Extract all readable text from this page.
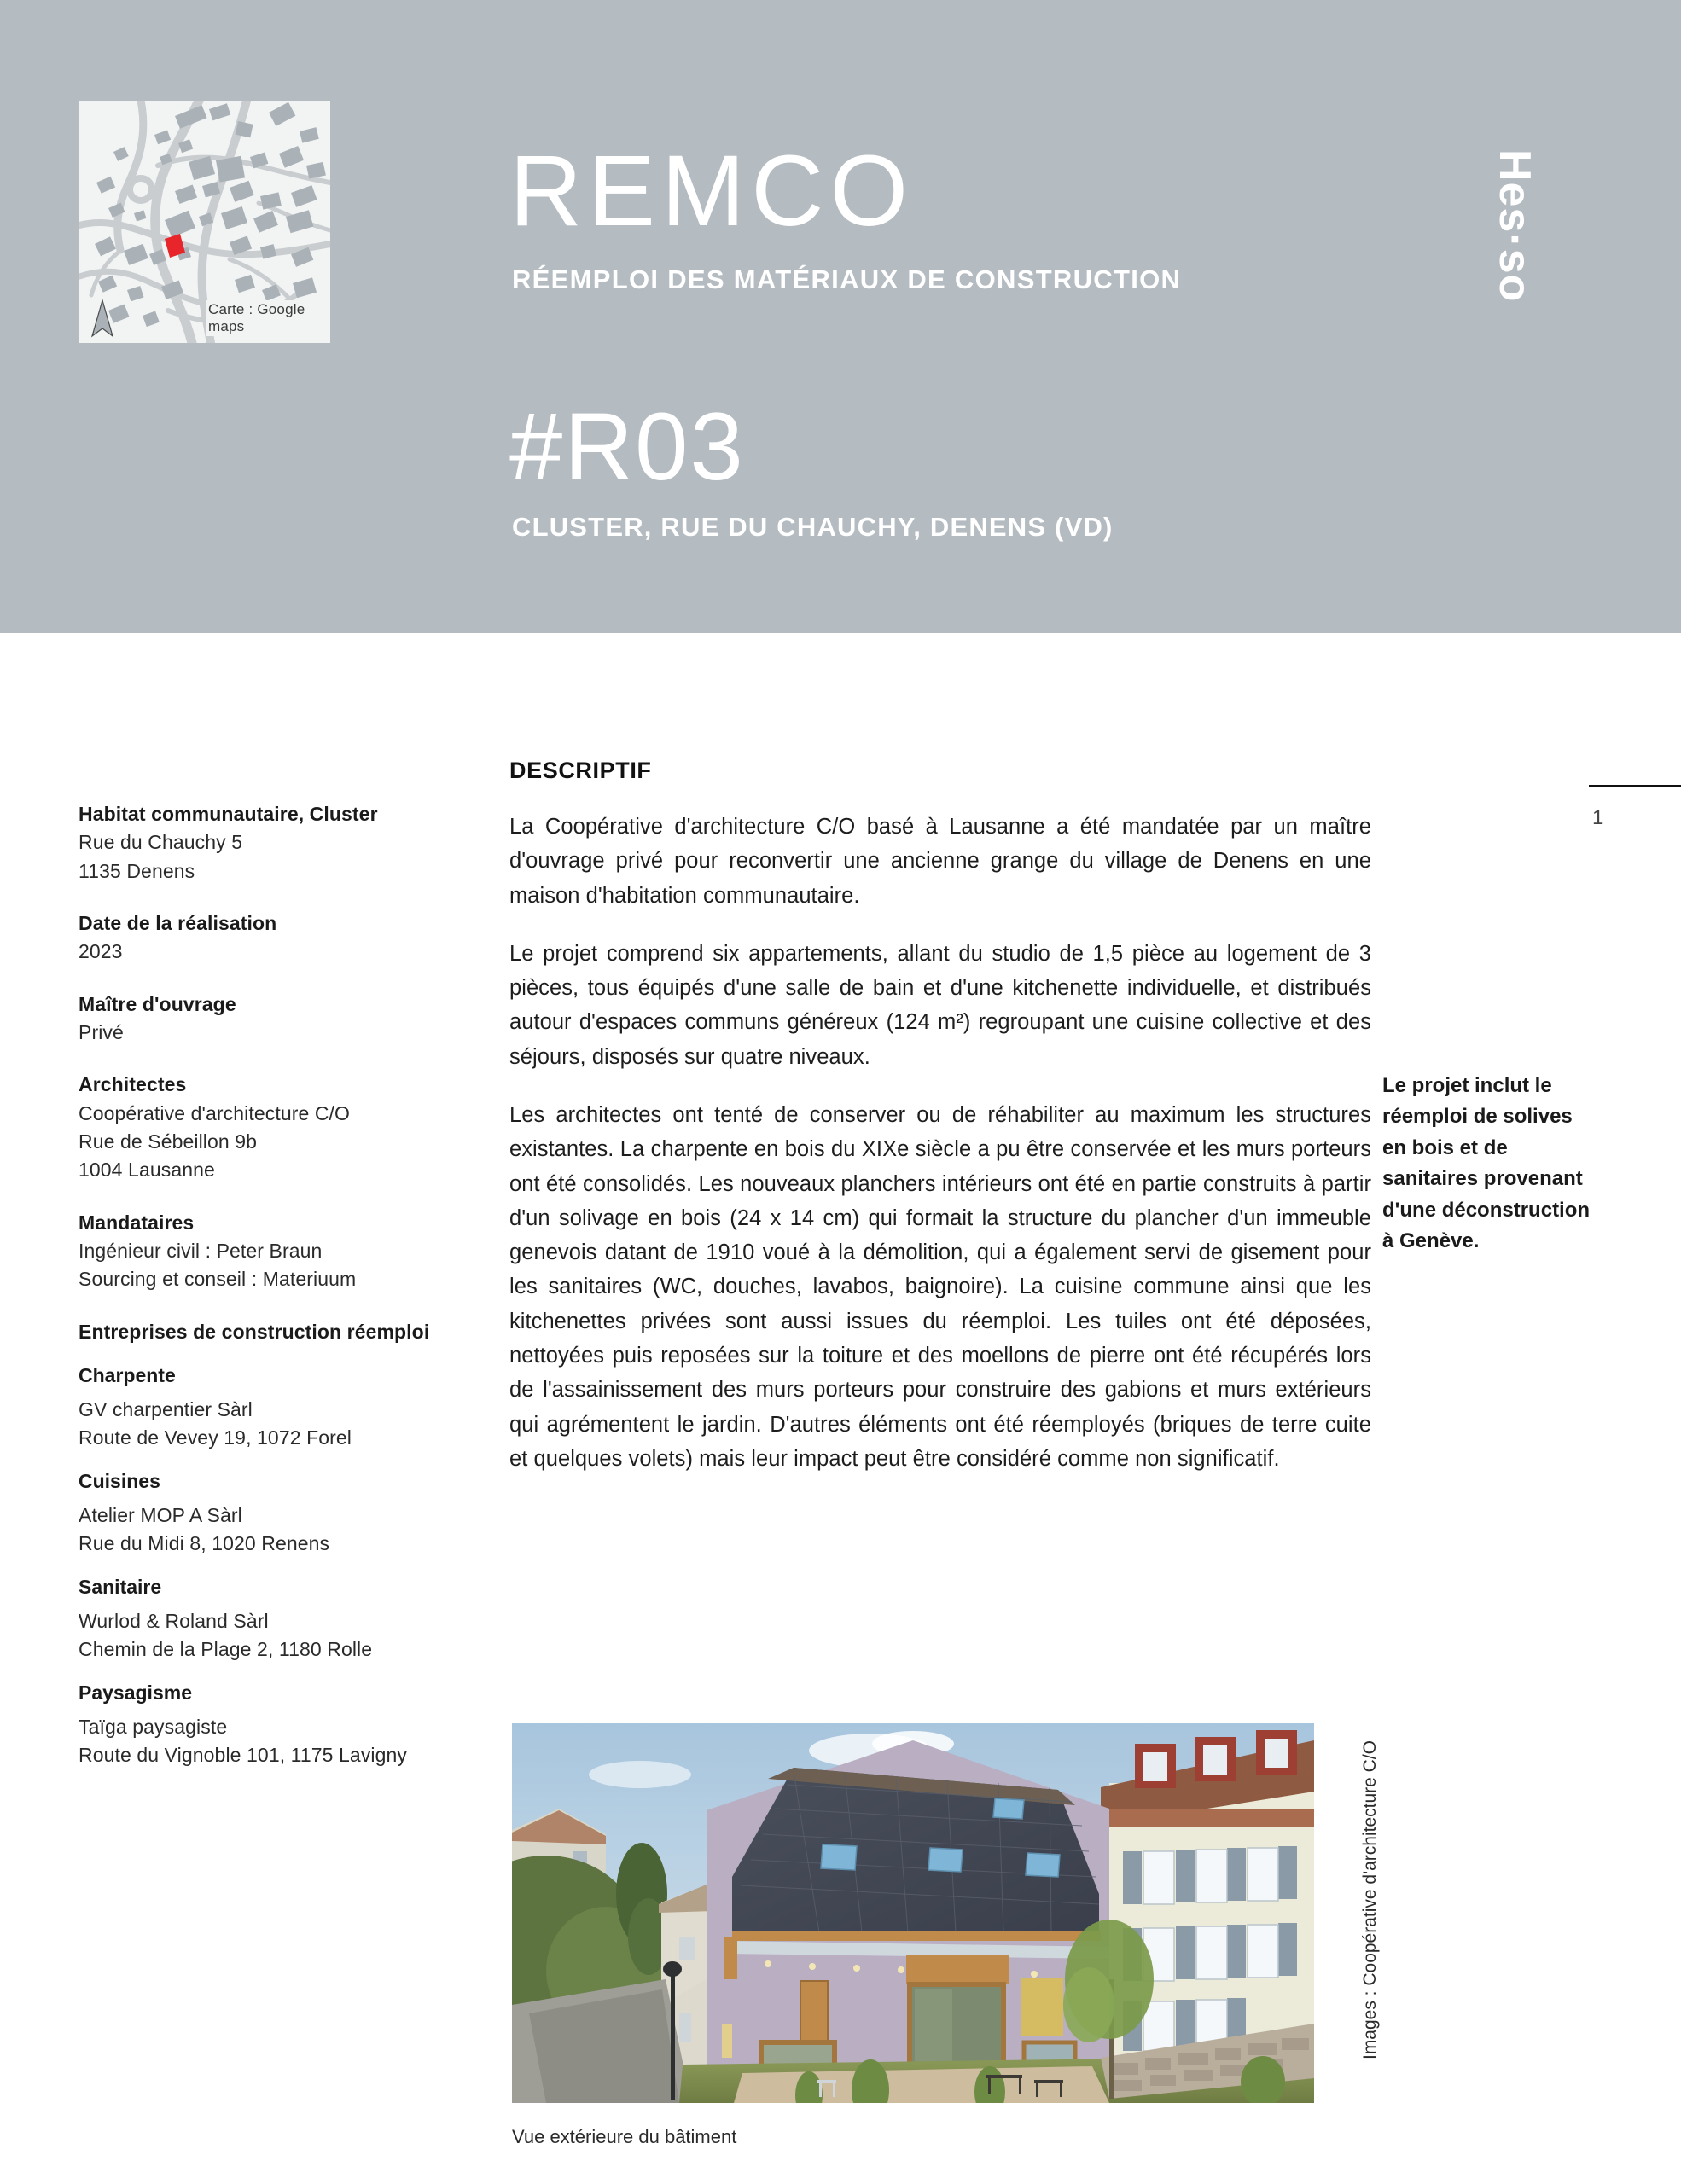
Carte : Google maps
REMCO
RÉEMPLOI DES MATÉRIAUX DE CONSTRUCTION
#R03
CLUSTER, RUE DU CHAUCHY, DENENS (VD)
Hes·so
Habitat communautaire, Cluster
Rue du Chauchy 5
1135 Denens
Date de la réalisation
2023
Maître d'ouvrage
Privé
Architectes
Coopérative d'architecture C/O
Rue de Sébeillon 9b
1004 Lausanne
Mandataires
Ingénieur civil : Peter Braun
Sourcing et conseil : Materiuum
Entreprises de construction réemploi
Charpente
GV charpentier Sàrl
Route de Vevey 19, 1072 Forel
Cuisines
Atelier MOP A Sàrl
Rue du Midi 8, 1020 Renens
Sanitaire
Wurlod & Roland Sàrl
Chemin de la Plage 2, 1180 Rolle
Paysagisme
Taïga paysagiste
Route du Vignoble 101, 1175 Lavigny
DESCRIPTIF

La Coopérative d'architecture C/O basé à Lausanne a été mandatée par un maître d'ouvrage privé pour reconvertir une ancienne grange du village de Denens en une maison d'habitation communautaire.

Le projet comprend six appartements, allant du studio de 1,5 pièce au logement de 3 pièces, tous équipés d'une salle de bain et d'une kitchenette individuelle, et distribués autour d'espaces communs généreux (124 m²) regroupant une cuisine collective et des séjours, disposés sur quatre niveaux.

Les architectes ont tenté de conserver ou de réhabiliter au maximum les structures existantes. La charpente en bois du XIXe siècle a pu être conservée et les murs porteurs ont été consolidés. Les nouveaux planchers intérieurs ont été en partie construits à partir d'un solivage en bois (24 x 14 cm) qui formait la structure du plancher d'un immeuble genevois datant de 1910 voué à la démolition, qui a également servi de gisement pour les sanitaires (WC, douches, lavabos, baignoire). La cuisine commune ainsi que les kitchenettes privées sont aussi issues du réemploi. Les tuiles ont été déposées, nettoyées puis reposées sur la toiture et des moellons de pierre ont été récupérés lors de l'assainissement des murs porteurs pour construire des gabions et murs extérieurs qui agrémentent le jardin. D'autres éléments ont été réemployés (briques de terre cuite et quelques volets) mais leur impact peut être considéré comme non significatif.

1
Le projet inclut le réemploi de solives en bois et de sanitaires provenant d'une déconstruction à Genève.
Vue extérieure du bâtiment
Images : Coopérative d'architecture C/O
